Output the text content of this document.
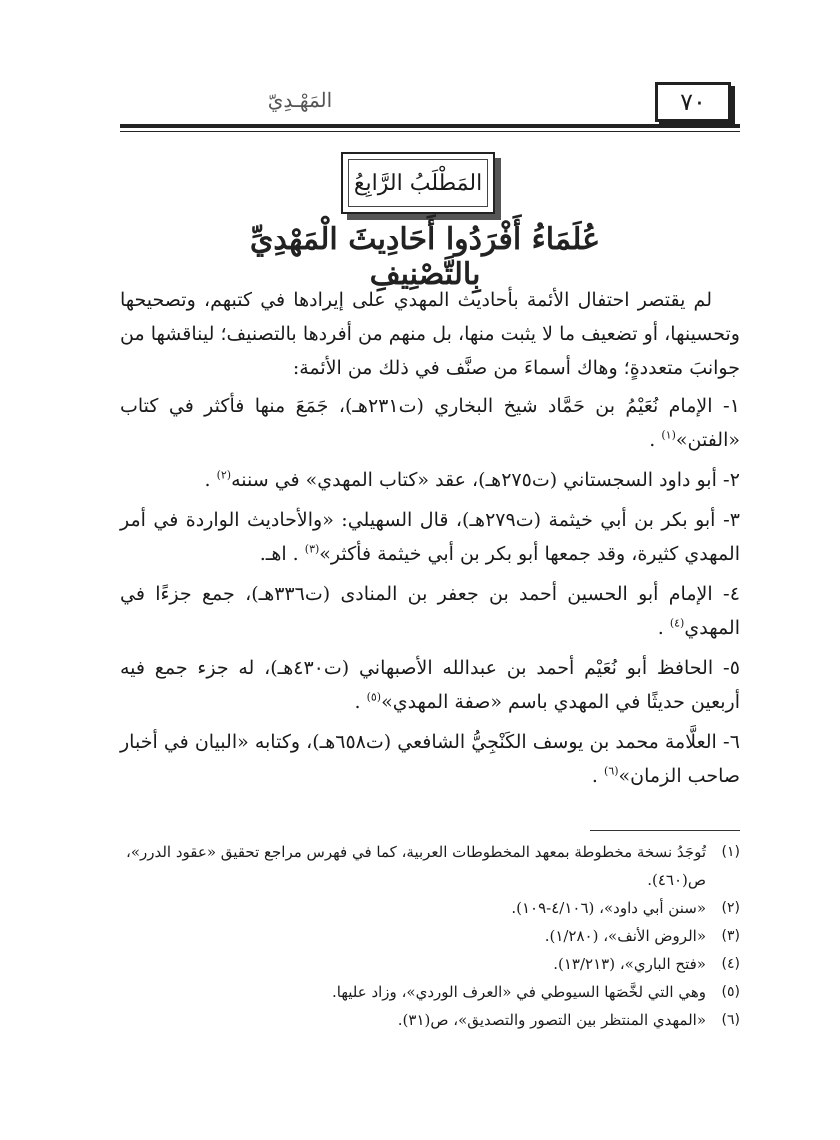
٧٠
المَهْـدِيّ
المَطْلَبُ الرَّابِعُ
عُلَمَاءُ أَفْرَدُوا أَحَادِيثَ الْمَهْدِيِّ بِالتَّصْنِيفِ

لم يقتصر احتفال الأئمة بأحاديث المهدي على إيرادها في كتبهم، وتصحيحها وتحسينها، أو تضعيف ما لا يثبت منها، بل منهم من أفردها بالتصنيف؛ ليناقشها من جوانبَ متعددةٍ؛ وهاك أسماءَ من صنَّف في ذلك من الأئمة:

١- الإمام نُعَيْمُ بن حَمَّاد شيخ البخاري (ت٢٣١هـ)، جَمَعَ منها فأكثر في كتاب «الفتن»$^{(١)}$ .
٢- أبو داود السجستاني (ت٢٧٥هـ)، عقد «كتاب المهدي» في سننه$^{(٢)}$ .
٣- أبو بكر بن أبي خيثمة (ت٢٧٩هـ)، قال السهيلي: «والأحاديث الواردة في أمر المهدي كثيرة، وقد جمعها أبو بكر بن أبي خيثمة فأكثر»$^{(٣)}$ . اهـ.
٤- الإمام أبو الحسين أحمد بن جعفر بن المنادى (ت٣٣٦هـ)، جمع جزءًا في المهدي$^{(٤)}$ .
٥- الحافظ أبو نُعَيْم أحمد بن عبدالله الأصبهاني (ت٤٣٠هـ)، له جزء جمع فيه أربعين حديثًا في المهدي باسم «صفة المهدي»$^{(٥)}$ .
٦- العلَّامة محمد بن يوسف الكَنْجِيُّ الشافعي (ت٦٥٨هـ)، وكتابه «البيان في أخبار صاحب الزمان»$^{(٦)}$ .
(١)
تُوجَدُ نسخة مخطوطة بمعهد المخطوطات العربية، كما في فهرس مراجع تحقيق «عقود الدرر»، ص(٤٦٠).
(٢)
«سنن أبي داود»، (٤/١٠٦-١٠٩).
(٣)
«الروض الأنف»، (١/٢٨٠).
(٤)
«فتح الباري»، (١٣/٢١٣).
(٥)
وهي التي لخَّصَها السيوطي في «العرف الوردي»، وزاد عليها.
(٦)
«المهدي المنتظر بين التصور والتصديق»، ص(٣١).
